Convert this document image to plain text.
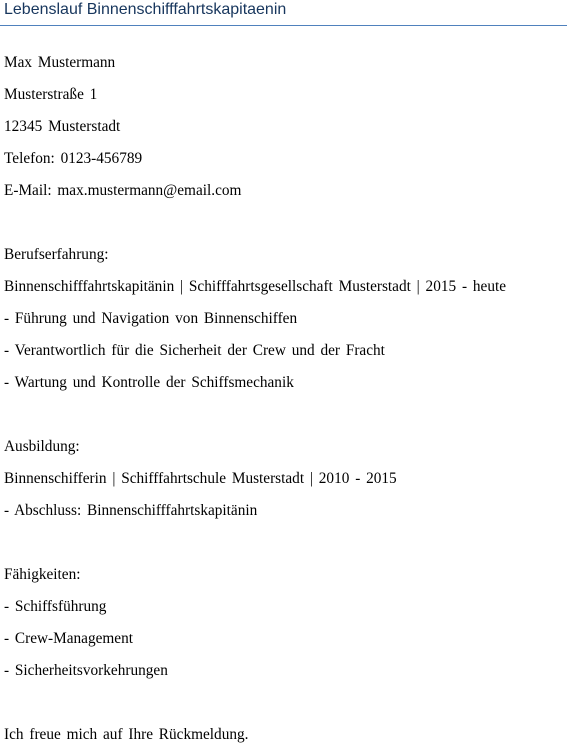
Lebenslauf Binnenschifffahrtskapitaenin
Max Mustermann
Musterstraße 1
12345 Musterstadt
Telefon: 0123-456789
E-Mail: max.mustermann@email.com
Berufserfahrung:
Binnenschifffahrtskapitänin | Schifffahrtsgesellschaft Musterstadt | 2015 - heute
- Führung und Navigation von Binnenschiffen
- Verantwortlich für die Sicherheit der Crew und der Fracht
- Wartung und Kontrolle der Schiffsmechanik
Ausbildung:
Binnenschifferin | Schifffahrtschule Musterstadt | 2010 - 2015
- Abschluss: Binnenschifffahrtskapitänin
Fähigkeiten:
- Schiffsführung
- Crew-Management
- Sicherheitsvorkehrungen
Ich freue mich auf Ihre Rückmeldung.
